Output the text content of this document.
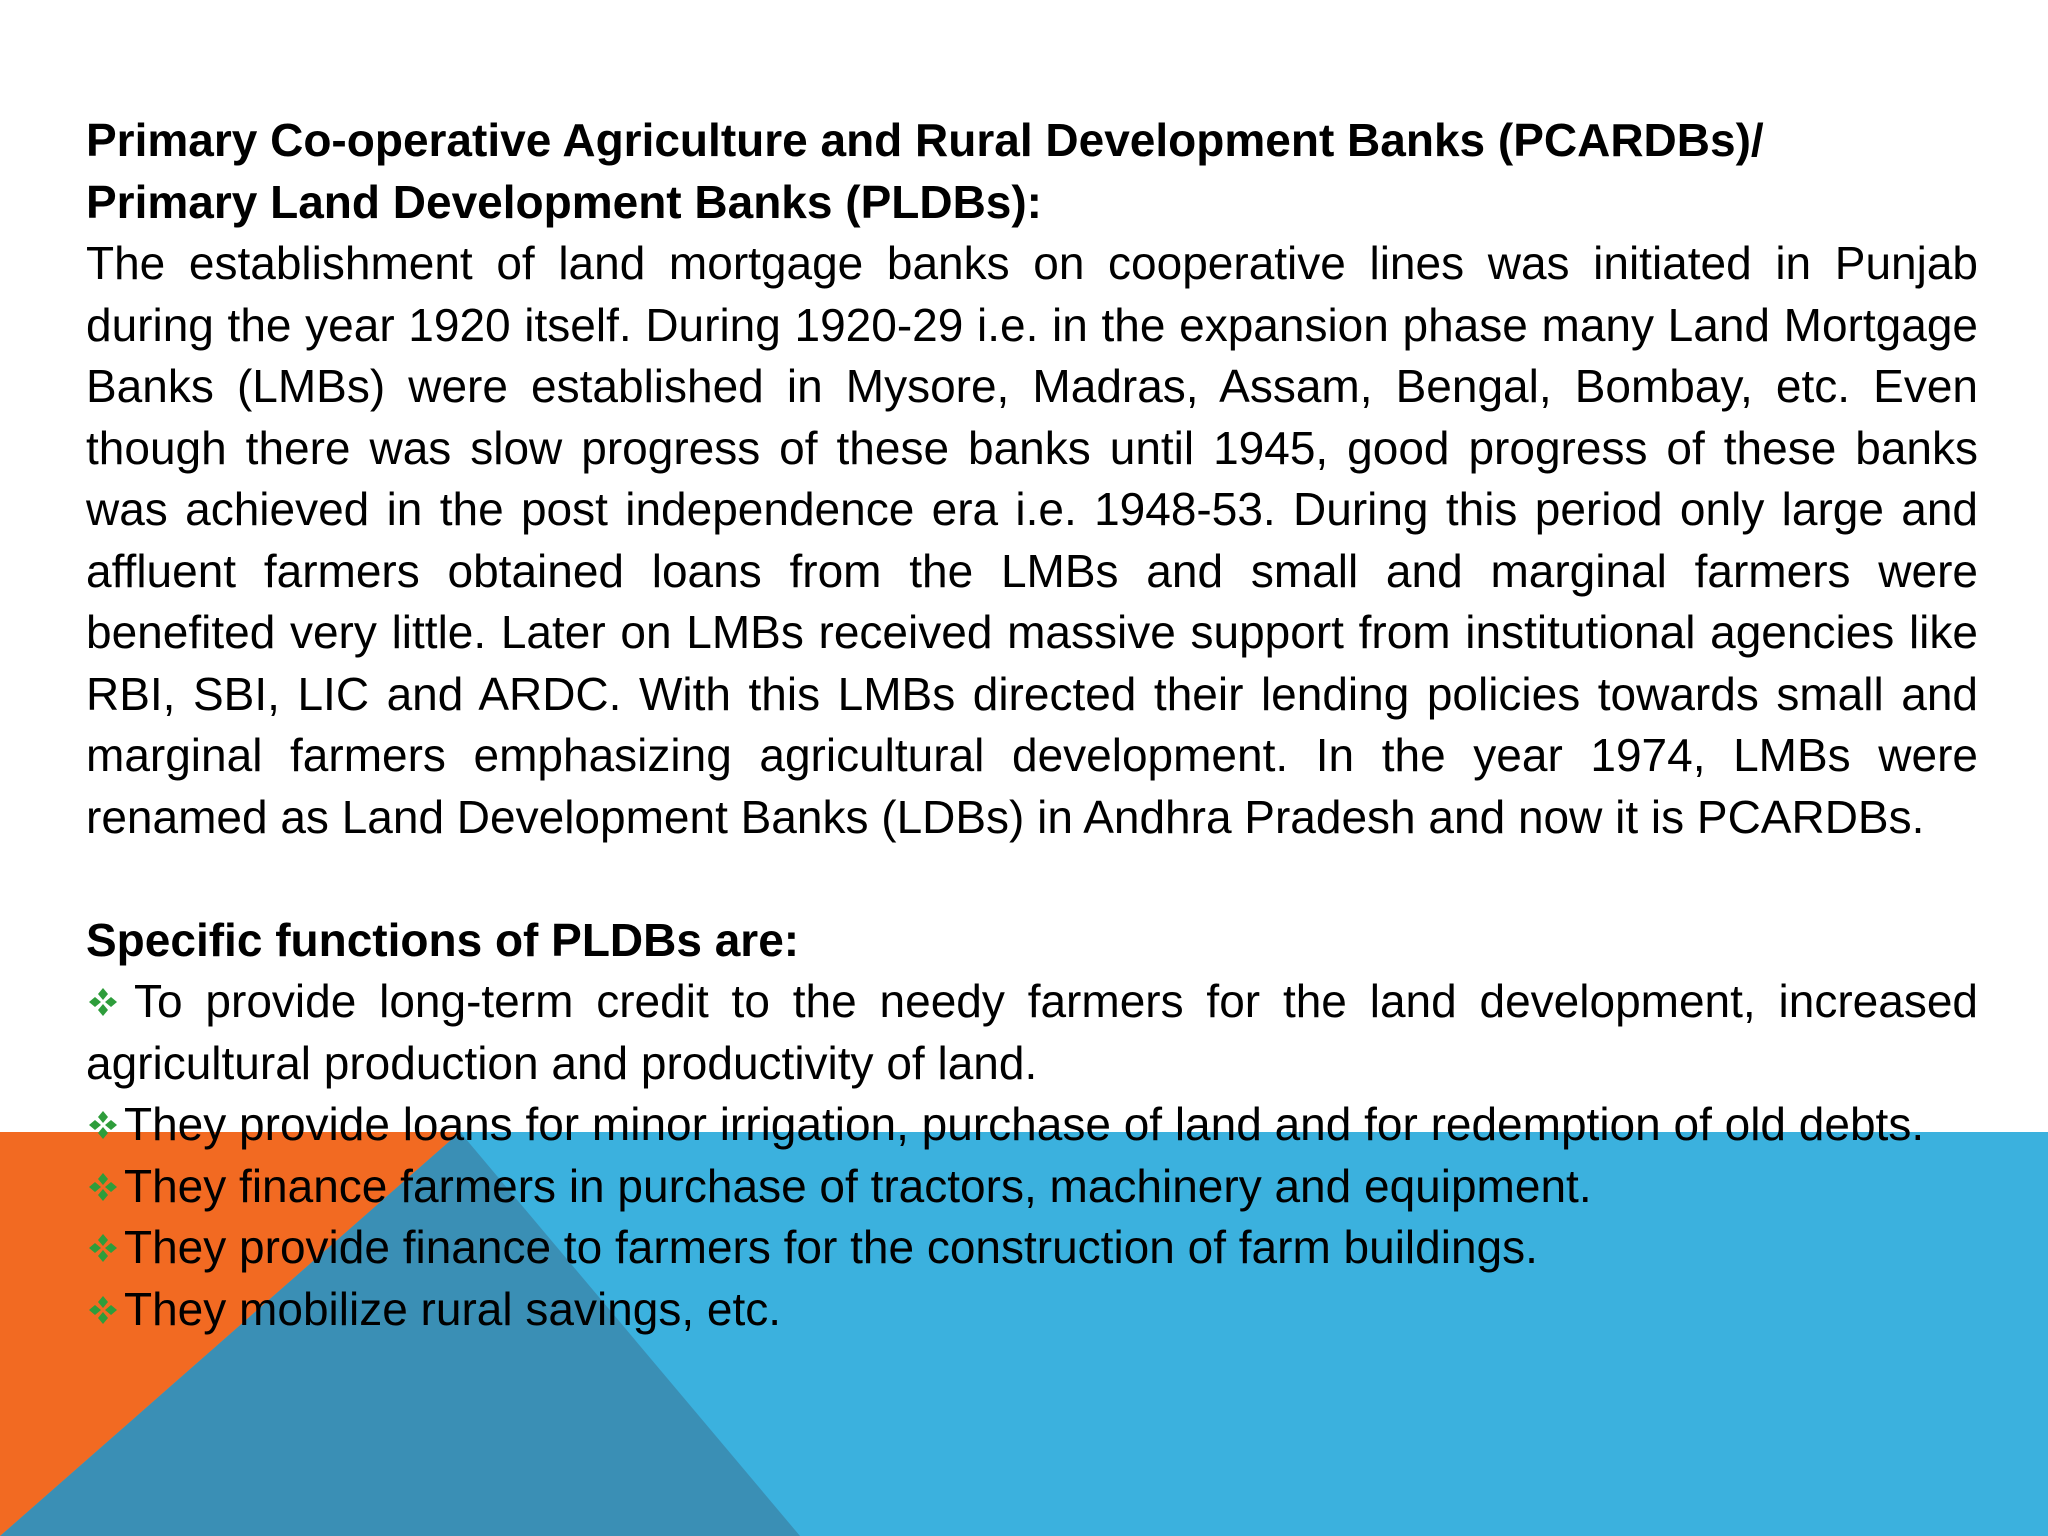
Primary Co-operative Agriculture and Rural Development Banks (PCARDBs)/

Primary Land Development Banks (PLDBs):

The establishment of land mortgage banks on cooperative lines was initiated in Punjab during the year 1920 itself. During 1920-29 i.e. in the expansion phase many Land Mortgage Banks (LMBs) were established in Mysore, Madras, Assam, Bengal, Bombay, etc. Even though there was slow progress of these banks until 1945, good progress of these banks was achieved in the post independence era i.e. 1948-53. During this period only large and affluent farmers obtained loans from the LMBs and small and marginal farmers were benefited very little. Later on LMBs received massive support from institutional agencies like RBI, SBI, LIC and ARDC. With this LMBs directed their lending policies towards small and marginal farmers emphasizing agricultural development. In the year 1974, LMBs were renamed as Land Development Banks (LDBs) in Andhra Pradesh and now it is PCARDBs.

Specific functions of PLDBs are:

To provide long-term credit to the needy farmers for the land development, increased agricultural production and productivity of land.

They provide loans for minor irrigation, purchase of land and for redemption of old debts.

They finance farmers in purchase of tractors, machinery and equipment.

They provide finance to farmers for the construction of farm buildings.

They mobilize rural savings, etc.
